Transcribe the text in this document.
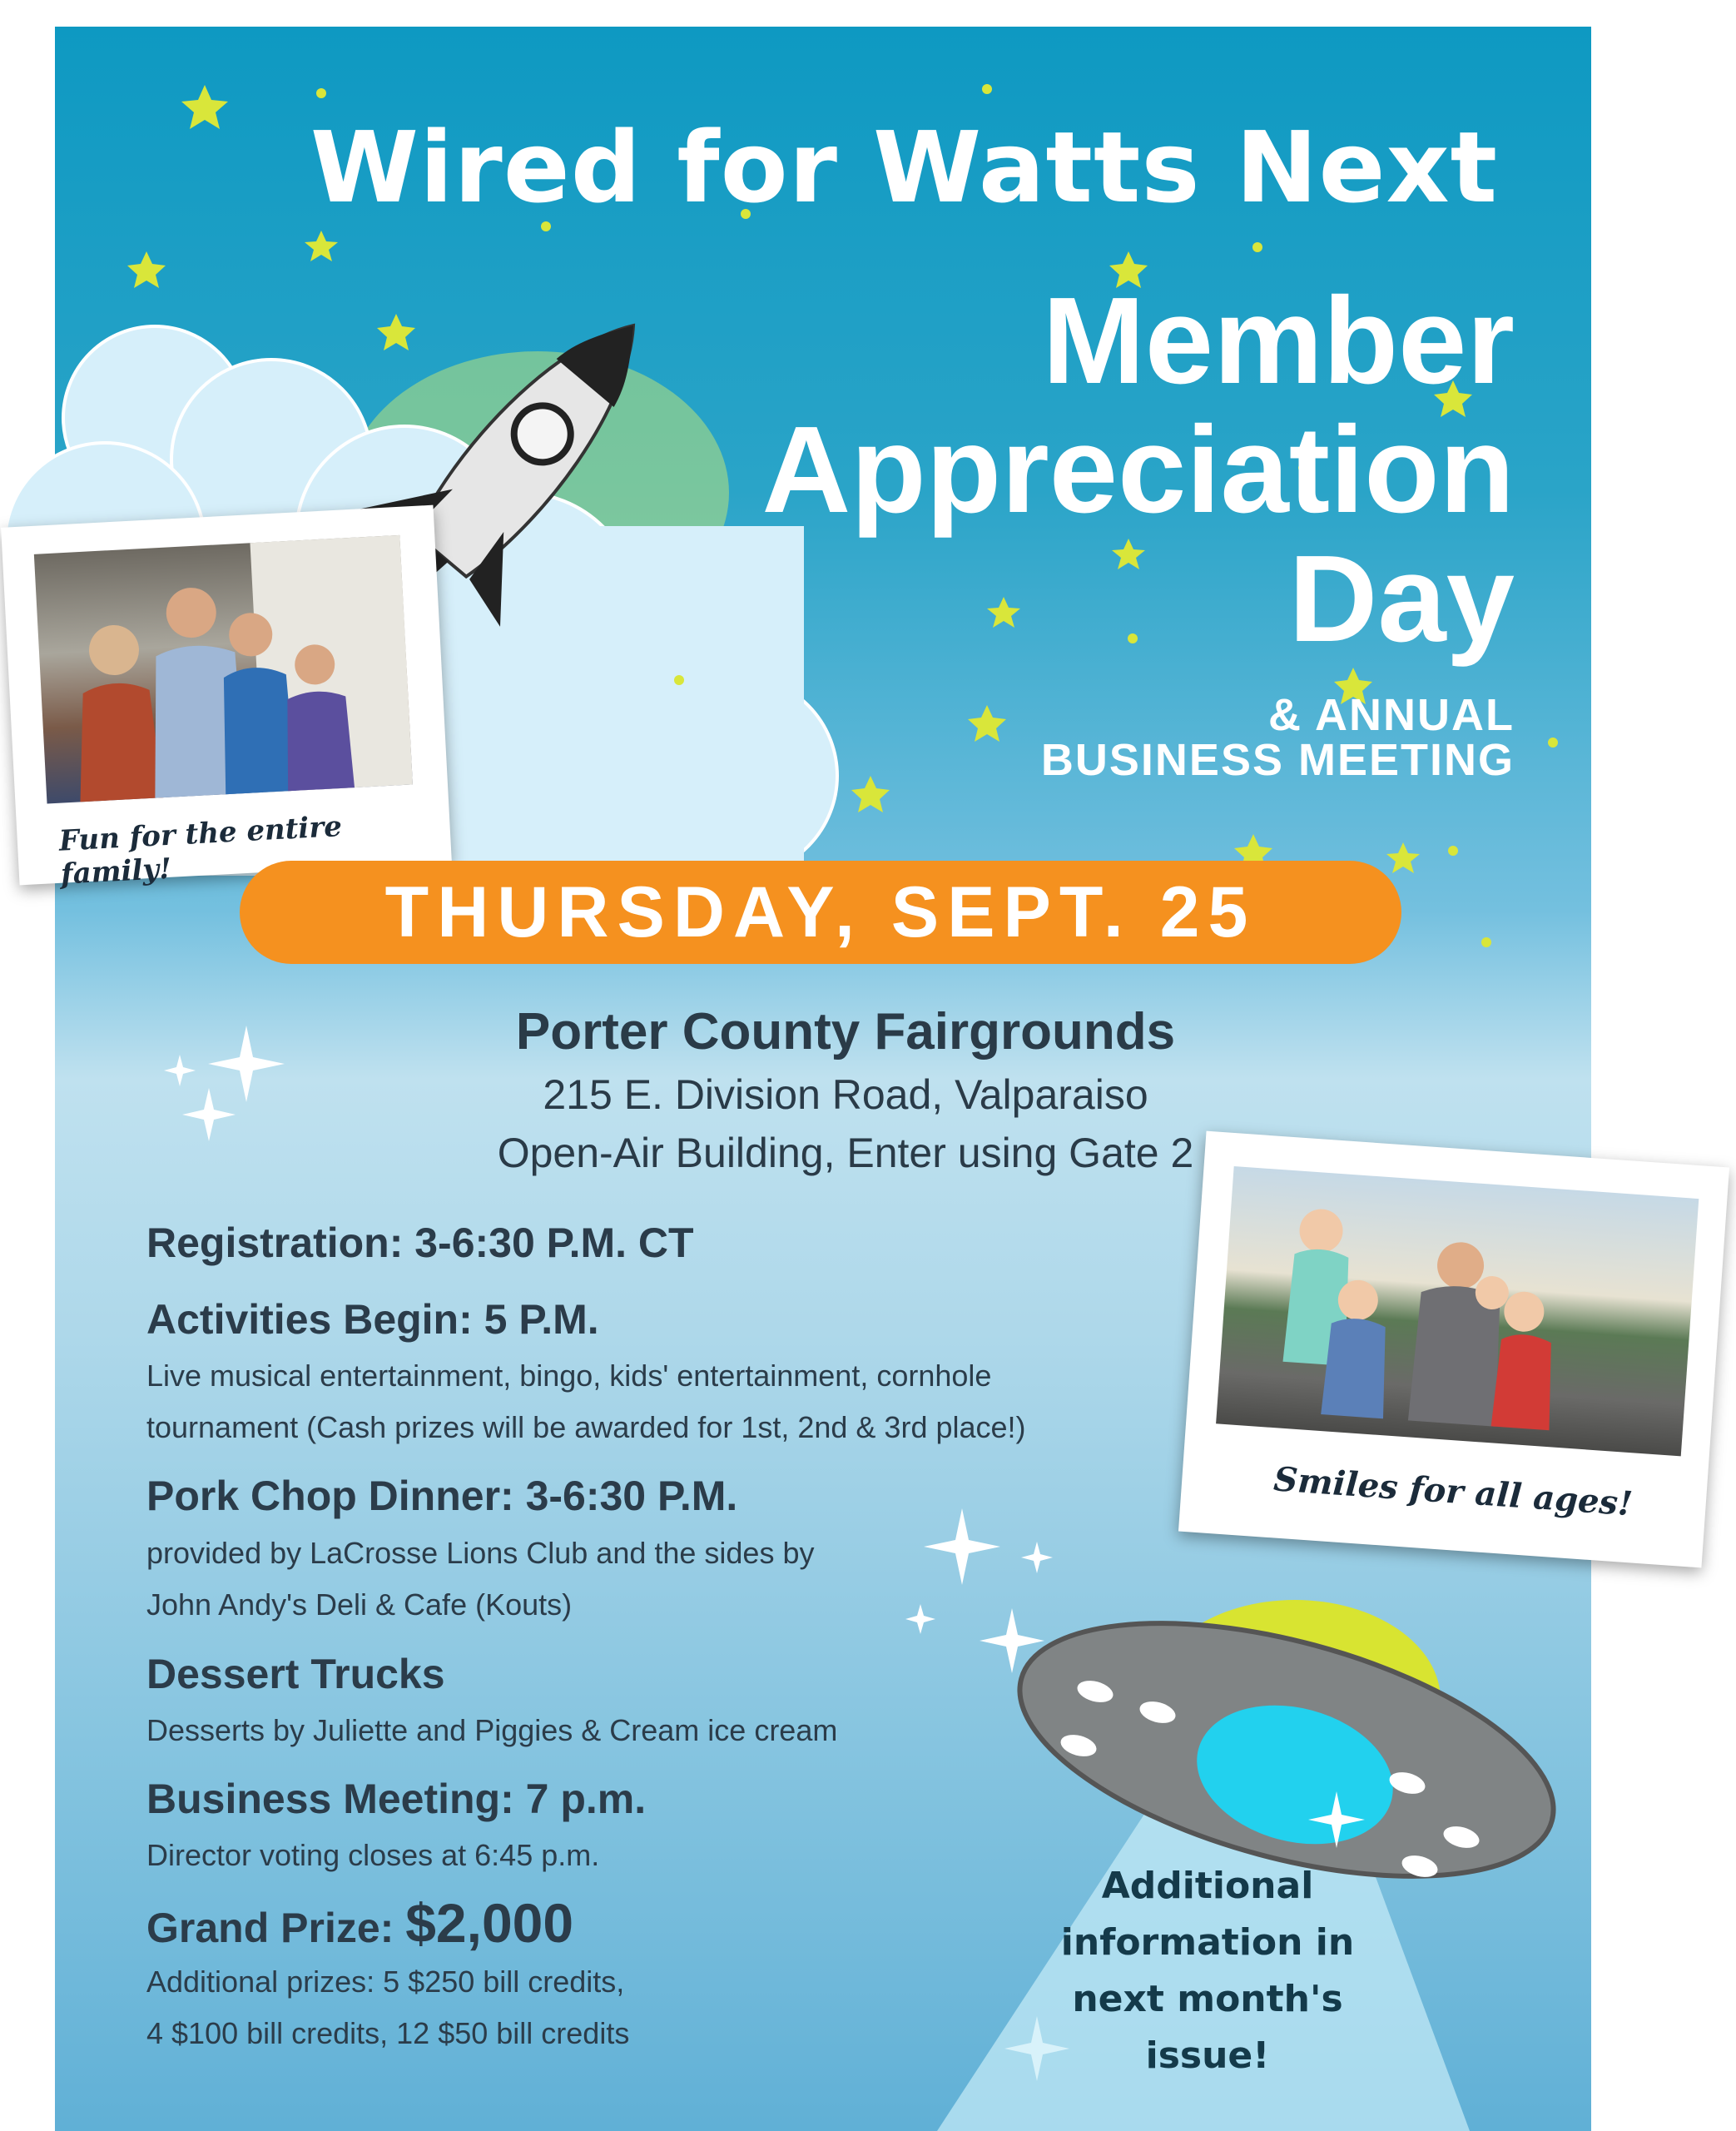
Wired for Watts Next
Member
Appreciation
Day
& ANNUAL
BUSINESS MEETING
Fun for the entire family!
THURSDAY, SEPT. 25
Porter County Fairgrounds
215 E. Division Road, Valparaiso
Open-Air Building, Enter using Gate 2
Registration: 3-6:30 P.M. CT
Activities Begin: 5 P.M.
Live musical entertainment, bingo, kids' entertainment, cornhole
tournament (Cash prizes will be awarded for 1st, 2nd & 3rd place!)
Pork Chop Dinner: 3-6:30 P.M.
provided by LaCrosse Lions Club and the sides by
John Andy's Deli & Cafe (Kouts)
Dessert Trucks
Desserts by Juliette and Piggies & Cream ice cream
Business Meeting: 7 p.m.
Director voting closes at 6:45 p.m.
Grand Prize: $2,000
Additional prizes: 5 $250 bill credits,
4 $100 bill credits, 12 $50 bill credits
Smiles for all ages!
Additional
information in
next month's
issue!
